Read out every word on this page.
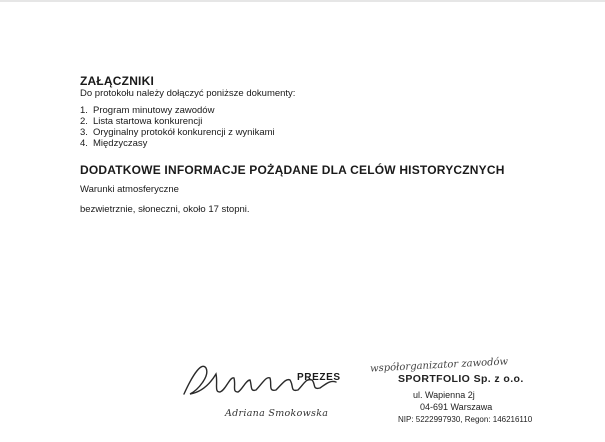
ZAŁĄCZNIKI
Do protokołu należy dołączyć poniższe dokumenty:
1. Program minutowy zawodów
2. Lista startowa konkurencji
3. Oryginalny protokół konkurencji z wynikami
4. Międzyczasy
DODATKOWE INFORMACJE POŻĄDANE DLA CELÓW HISTORYCZNYCH
Warunki atmosferyczne
bezwietrznie, słoneczni, około 17 stopni.
PREZES
Adriana Smokowska
współorganizator zawodów
SPORTFOLIO Sp. z o.o.
ul. Wapienna 2j
04-691 Warszawa
NIP: 5222997930, Regon: 146216110
